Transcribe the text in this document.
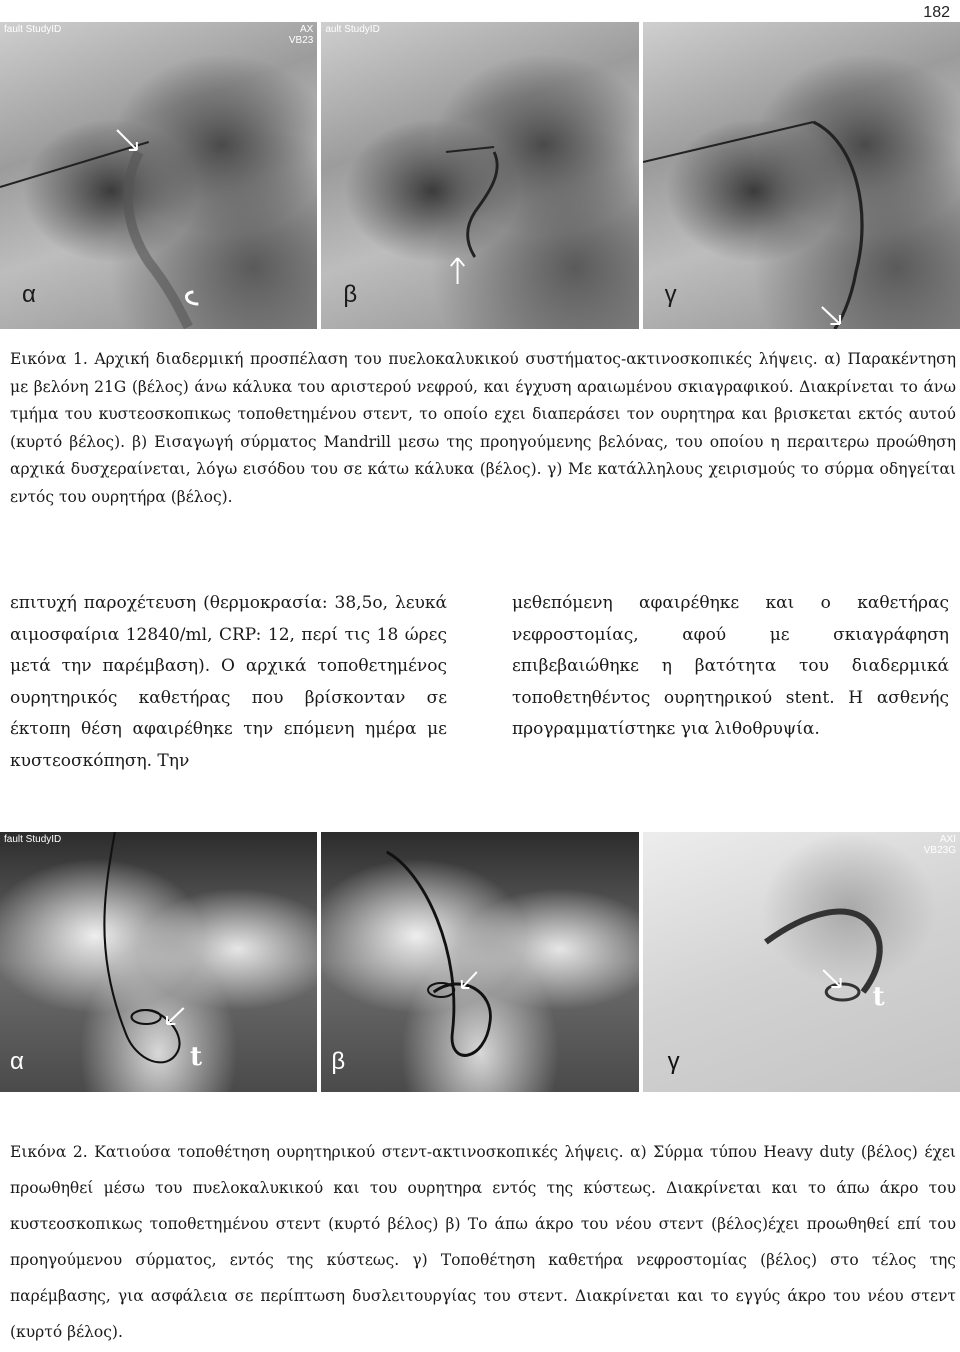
182
fault StudyID	AX
VB23
α
ault StudyID
β	γ
Εικόνα 1. Αρχική διαδερμική προσπέλαση του πυελοκαλυκικού συστήματος-ακτινοσκοπικές λήψεις. α) Παρακέντηση με βελόνη 21G (βέλος) άνω κάλυκα του αριστερού νεφρού, και έγχυση αραιωμένου σκιαγραφικού. Διακρίνεται το άνω τμήμα του κυστεοσκοπικως τοποθετημένου στεντ, το οποίο εχει διαπεράσει τον ουρητηρα και βρισκεται εκτός αυτού (κυρτό βέλος). β) Εισαγωγή σύρματος Mandrill μεσω της προηγούμενης βελόνας, του οποίου η περαιτερω προώθηση αρχικά δυσχεραίνεται, λόγω εισόδου του σε κάτω κάλυκα (βέλος). γ) Με κατάλληλους χειρισμούς το σύρμα οδηγείται εντός του ουρητήρα (βέλος).
επιτυχή παροχέτευση (θερμοκρασία: 38,5o, λευκά αιμοσφαίρια 12840/ml, CRP: 12, περί τις 18 ώρες μετά την παρέμβαση). Ο αρχικά τοποθετημένος ουρητηρικός καθετήρας που βρίσκονταν σε έκτοπη θέση αφαιρέθηκε την επόμενη ημέρα με κυστεοσκόπηση. Την
μεθεπόμενη αφαιρέθηκε και ο καθετήρας νεφροστομίας, αφού με σκιαγράφηση επιβεβαιώθηκε η βατότητα του διαδερμικά τοποθετηθέντος ουρητηρικού stent. Η ασθενής προγραμματίστηκε για λιθοθρυψία.
fault StudyID
t
α	β
AXI
VB23G
t
γ
Εικόνα 2. Κατιούσα τοποθέτηση ουρητηρικού στεντ-ακτινοσκοπικές λήψεις. α) Σύρμα τύπου Heavy duty (βέλος) έχει προωθηθεί μέσω του πυελοκαλυκικού και του ουρητηρα εντός της κύστεως. Διακρίνεται και το άπω άκρο του κυστεοσκοπικως τοποθετημένου στεντ (κυρτό βέλος) β) Το άπω άκρο του νέου στεντ (βέλος)έχει προωθηθεί επί του προηγούμενου σύρματος, εντός της κύστεως. γ) Τοποθέτηση καθετήρα νεφροστομίας (βέλος) στο τέλος της παρέμβασης, για ασφάλεια σε περίπτωση δυσλειτουργίας του στεντ. Διακρίνεται και το εγγύς άκρο του νέου στεντ (κυρτό βέλος).
